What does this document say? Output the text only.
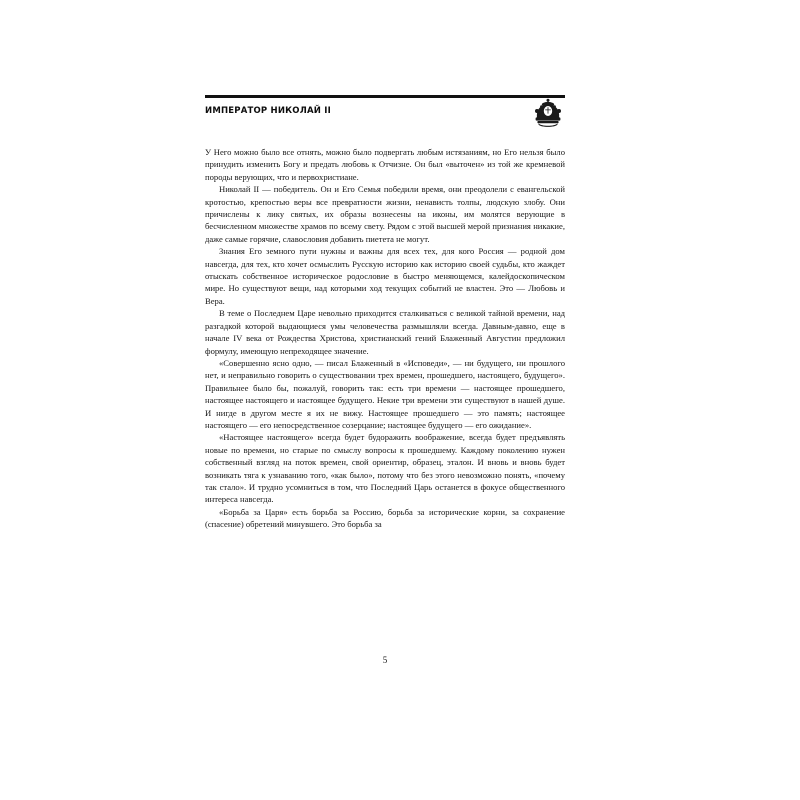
ИМПЕРАТОР НИКОЛАЙ II

У Него можно было все отнять, можно было подвергать любым истязаниям, но Его нельзя было принудить изменить Богу и предать любовь к Отчизне. Он был «выточен» из той же кремневой породы верующих, что и первохристиане.

Николай II — победитель. Он и Его Семья победили время, они преодолели с евангельской кротостью, крепостью веры все превратности жизни, ненависть толпы, людскую злобу. Они причислены к лику святых, их образы вознесены на иконы, им молятся верующие в бесчисленном множестве храмов по всему свету. Рядом с этой высшей мерой признания никакие, даже самые горячие, славословия добавить пиетета не могут.

Знания Его земного пути нужны и важны для всех тех, для кого Россия — родной дом навсегда, для тех, кто хочет осмыслить Русскую историю как историю своей судьбы, кто жаждет отыскать собственное историческое родословие в быстро меняющемся, калейдоскопическом мире. Но существуют вещи, над которыми ход текущих событий не властен. Это — Любовь и Вера.

В теме о Последнем Царе невольно приходится сталкиваться с великой тайной времени, над разгадкой которой выдающиеся умы человечества размышляли всегда. Давным-давно, еще в начале IV века от Рождества Христова, христианский гений Блаженный Августин предложил формулу, имеющую непреходящее значение.

«Совершенно ясно одно, — писал Блаженный в «Исповеди», — ни будущего, ни прошлого нет, и неправильно говорить о существовании трех времен, прошедшего, настоящего, будущего». Правильнее было бы, пожалуй, говорить так: есть три времени — настоящее прошедшего, настоящее настоящего и настоящее будущего. Некие три времени эти существуют в нашей душе. И нигде в другом месте я их не вижу. Настоящее прошедшего — это память; настоящее настоящего — его непосредственное созерцание; настоящее будущего — его ожидание».

«Настоящее настоящего» всегда будет будоражить воображение, всегда будет предъявлять новые по времени, но старые по смыслу вопросы к прошедшему. Каждому поколению нужен собственный взгляд на поток времен, свой ориентир, образец, эталон. И вновь и вновь будет возникать тяга к узнаванию того, «как было», потому что без этого невозможно понять, «почему так стало». И трудно усомниться в том, что Последний Царь останется в фокусе общественного интереса навсегда.

«Борьба за Царя» есть борьба за Россию, борьба за исторические корни, за сохранение (спасение) обретений минувшего. Это борьба за

5
